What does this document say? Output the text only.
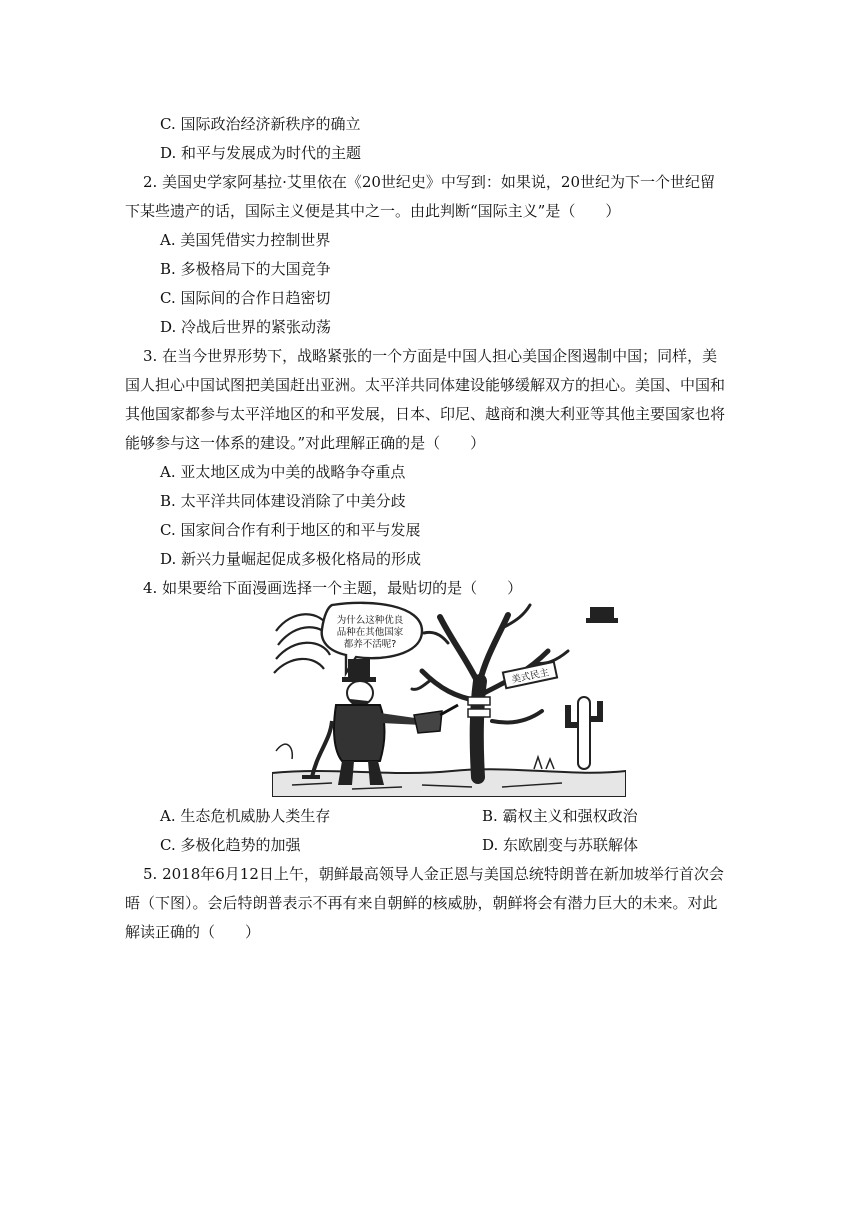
C. 国际政治经济新秩序的确立
D. 和平与发展成为时代的主题
2. 美国史学家阿基拉·艾里依在《20世纪史》中写到：如果说，20世纪为下一个世纪留
下某些遗产的话，国际主义便是其中之一。由此判断“国际主义”是（　　）
A. 美国凭借实力控制世界
B. 多极格局下的大国竞争
C. 国际间的合作日趋密切
D. 冷战后世界的紧张动荡
3. 在当今世界形势下，战略紧张的一个方面是中国人担心美国企图遏制中国；同样，美
国人担心中国试图把美国赶出亚洲。太平洋共同体建设能够缓解双方的担心。美国、中国和
其他国家都参与太平洋地区的和平发展，日本、印尼、越商和澳大利亚等其他主要国家也将
能够参与这一体系的建设。”对此理解正确的是（　　）
A. 亚太地区成为中美的战略争夺重点
B. 太平洋共同体建设消除了中美分歧
C. 国家间合作有利于地区的和平与发展
D. 新兴力量崛起促成多极化格局的形成
4. 如果要给下面漫画选择一个主题，最贴切的是（　　）
为什么这种优良
品种在其他国家
都养不活呢?
美式民主
A. 生态危机威胁人类生存	B. 霸权主义和强权政治
C. 多极化趋势的加强	D. 东欧剧变与苏联解体
5. 2018年6月12日上午，朝鲜最高领导人金正恩与美国总统特朗普在新加坡举行首次会
晤（下图）。会后特朗普表示不再有来自朝鲜的核威胁，朝鲜将会有潜力巨大的未来。对此
解读正确的（　　）
